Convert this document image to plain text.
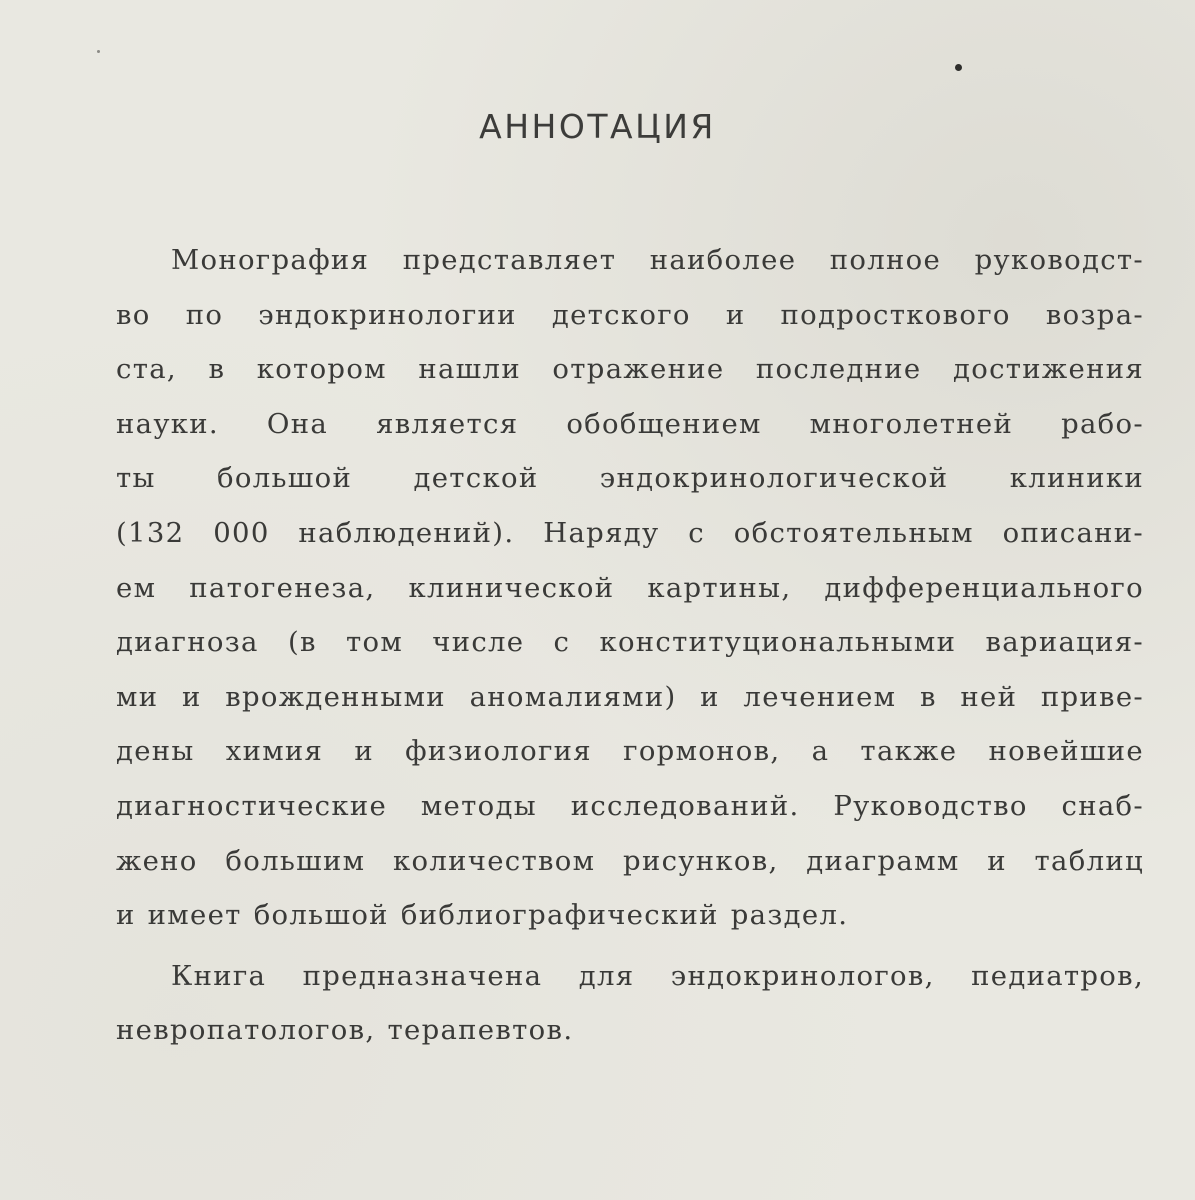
АННОТАЦИЯ
Монография представляет наиболее полное руководст-
во по эндокринологии детского и подросткового возра-
ста, в котором нашли отражение последние достижения
науки. Она является обобщением многолетней рабо-
ты большой детской эндокринологической клиники
(132 000 наблюдений). Наряду с обстоятельным описани-
ем патогенеза, клинической картины, дифференциального
диагноза (в том числе с конституциональными вариация-
ми и врожденными аномалиями) и лечением в ней приве-
дены химия и физиология гормонов, а также новейшие
диагностические методы исследований. Руководство снаб-
жено большим количеством рисунков, диаграмм и таблиц
и имеет большой библиографический раздел.
Книга предназначена для эндокринологов, педиатров,
невропатологов, терапевтов.
